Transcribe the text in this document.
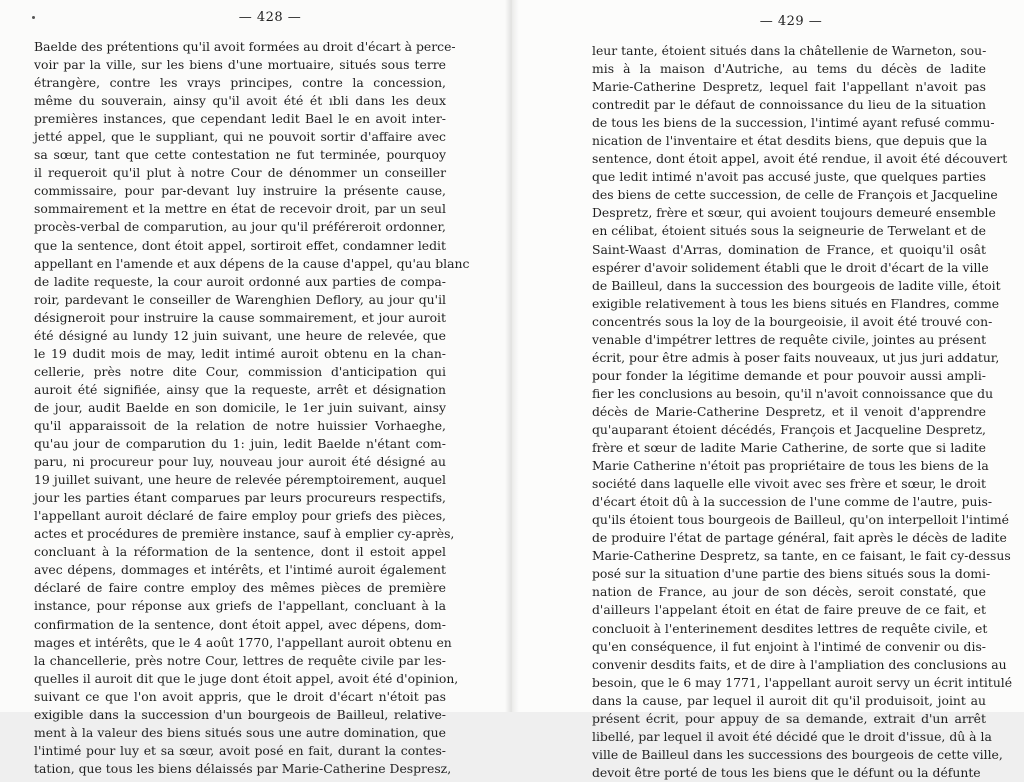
— 428 —
Baelde des prétentions qu'il avoit formées au droit d'écart à perce-
voir par la ville, sur les biens d'une mortuaire, situés sous terre
étrangère, contre les vrays principes, contre la concession,
même du souverain, ainsy qu'il avoit été ét ıbli dans les deux
premières instances, que cependant ledit Bael le en avoit inter-
jetté appel, que le suppliant, qui ne pouvoit sortir d'affaire avec
sa sœur, tant que cette contestation ne fut terminée, pourquoy
il requeroit qu'il plut à notre Cour de dénommer un conseiller
commissaire, pour par-devant luy instruire la présente cause,
sommairement et la mettre en état de recevoir droit, par un seul
procès-verbal de comparution, au jour qu'il préféreroit ordonner,
que la sentence, dont étoit appel, sortiroit effet, condamner ledit
appellant en l'amende et aux dépens de la cause d'appel, qu'au blanc
de ladite requeste, la cour auroit ordonné aux parties de compa-
roir, pardevant le conseiller de Warenghien Deflory, au jour qu'il
désigneroit pour instruire la cause sommairement, et jour auroit
été désigné au lundy 12 juin suivant, une heure de relevée, que
le 19 dudit mois de may, ledit intimé auroit obtenu en la chan-
cellerie, près notre dite Cour, commission d'anticipation qui
auroit été signifiée, ainsy que la requeste, arrêt et désignation
de jour, audit Baelde en son domicile, le 1er juin suivant, ainsy
qu'il apparaissoit de la relation de notre huissier Vorhaeghe,
qu'au jour de comparution du 1: juin, ledit Baelde n'étant com-
paru, ni procureur pour luy, nouveau jour auroit été désigné au
19 juillet suivant, une heure de relevée péremptoirement, auquel
jour les parties étant comparues par leurs procureurs respectifs,
l'appellant auroit déclaré de faire employ pour griefs des pièces,
actes et procédures de première instance, sauf à emplier cy-après,
concluant à la réformation de la sentence, dont il estoit appel
avec dépens, dommages et intérêts, et l'intimé auroit également
déclaré de faire contre employ des mêmes pièces de première
instance, pour réponse aux griefs de l'appellant, concluant à la
confirmation de la sentence, dont étoit appel, avec dépens, dom-
mages et intérêts, que le 4 août 1770, l'appellant auroit obtenu en
la chancellerie, près notre Cour, lettres de requête civile par les-
quelles il auroit dit que le juge dont étoit appel, avoit été d'opinion,
suivant ce que l'on avoit appris, que le droit d'écart n'étoit pas
exigible dans la succession d'un bourgeois de Bailleul, relative-
ment à la valeur des biens situés sous une autre domination, que
l'intimé pour luy et sa sœur, avoit posé en fait, durant la contes-
tation, que tous les biens délaissés par Marie-Catherine Despresz,
— 429 —
leur tante, étoient situés dans la châtellenie de Warneton, sou-
mis à la maison d'Autriche, au tems du décès de ladite
Marie-Catherine Despretz, lequel fait l'appellant n'avoit pas
contredit par le défaut de connoissance du lieu de la situation
de tous les biens de la succession, l'intimé ayant refusé commu-
nication de l'inventaire et état desdits biens, que depuis que la
sentence, dont étoit appel, avoit été rendue, il avoit été découvert
que ledit intimé n'avoit pas accusé juste, que quelques parties
des biens de cette succession, de celle de François et Jacqueline
Despretz, frère et sœur, qui avoient toujours demeuré ensemble
en célibat, étoient situés sous la seigneurie de Terwelant et de
Saint-Waast d'Arras, domination de France, et quoiqu'il osât
espérer d'avoir solidement établi que le droit d'écart de la ville
de Bailleul, dans la succession des bourgeois de ladite ville, étoit
exigible relativement à tous les biens situés en Flandres, comme
concentrés sous la loy de la bourgeoisie, il avoit été trouvé con-
venable d'impétrer lettres de requête civile, jointes au présent
écrit, pour être admis à poser faits nouveaux, ut jus juri addatur,
pour fonder la légitime demande et pour pouvoir aussi ampli-
fier les conclusions au besoin, qu'il n'avoit connoissance que du
décès de Marie-Catherine Despretz, et il venoit d'apprendre
qu'auparant étoient décédés, François et Jacqueline Despretz,
frère et sœur de ladite Marie Catherine, de sorte que si ladite
Marie Catherine n'étoit pas propriétaire de tous les biens de la
société dans laquelle elle vivoit avec ses frère et sœur, le droit
d'écart étoit dû à la succession de l'une comme de l'autre, puis-
qu'ils étoient tous bourgeois de Bailleul, qu'on interpelloit l'intimé
de produire l'état de partage général, fait après le décès de ladite
Marie-Catherine Despretz, sa tante, en ce faisant, le fait cy-dessus
posé sur la situation d'une partie des biens situés sous la domi-
nation de France, au jour de son décès, seroit constaté, que
d'ailleurs l'appelant étoit en état de faire preuve de ce fait, et
concluoit à l'enterinement desdites lettres de requête civile, et
qu'en conséquence, il fut enjoint à l'intimé de convenir ou dis-
convenir desdits faits, et de dire à l'ampliation des conclusions au
besoin, que le 6 may 1771, l'appellant auroit servy un écrit intitulé
dans la cause, par lequel il auroit dit qu'il produisoit, joint au
présent écrit, pour appuy de sa demande, extrait d'un arrêt
libellé, par lequel il avoit été décidé que le droit d'issue, dû à la
ville de Bailleul dans les successions des bourgeois de cette ville,
devoit être porté de tous les biens que le défunt ou la défunte
